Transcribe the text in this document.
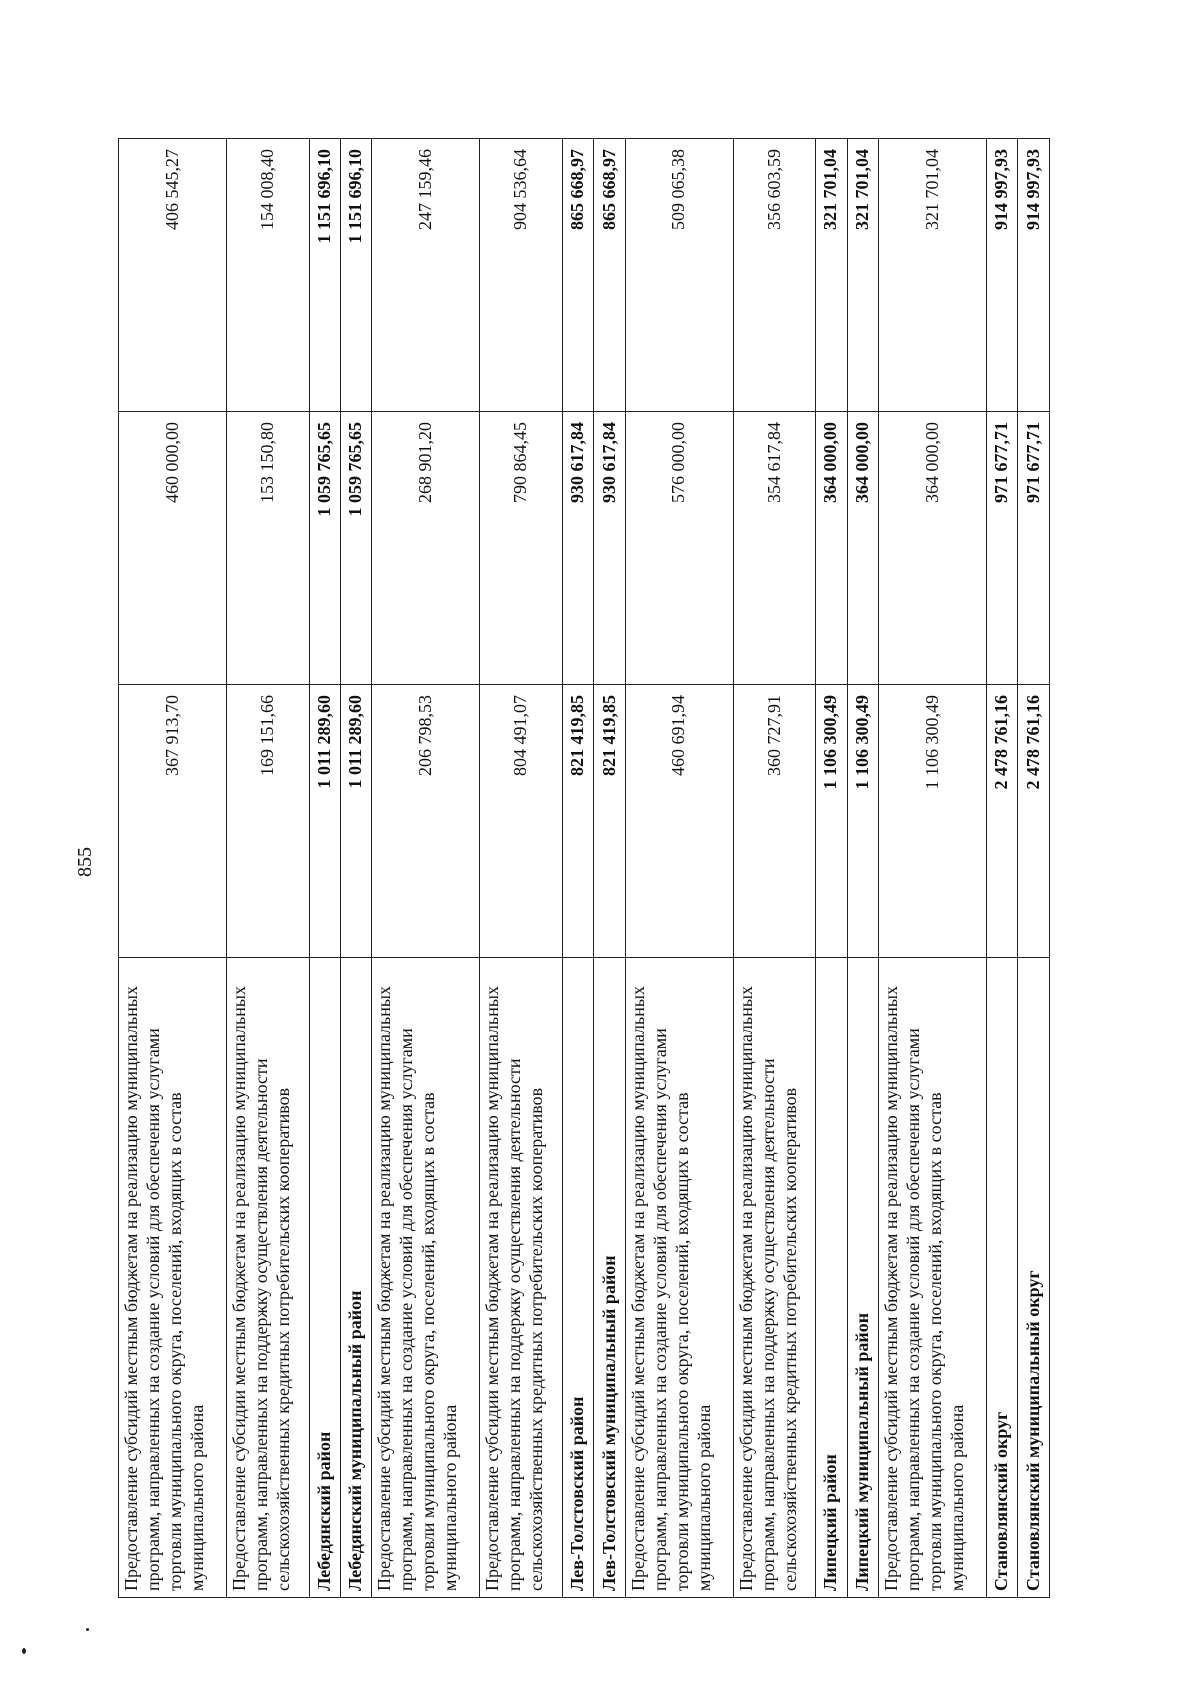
855
Предоставление субсидий местным бюджетам на реализацию муниципальных программ, направленных на создание условий для обеспечения услугами торговли муниципального округа, поселений, входящих в состав муниципального района	367 913,70	460 000,00	406 545,27
Предоставление субсидии местным бюджетам на реализацию муниципальных программ, направленных на поддержку осуществления деятельности сельскохозяйственных кредитных потребительских кооперативов	169 151,66	153 150,80	154 008,40
Лебедянский район	1 011 289,60	1 059 765,65	1 151 696,10
Лебедянский муниципальный район	1 011 289,60	1 059 765,65	1 151 696,10
Предоставление субсидий местным бюджетам на реализацию муниципальных программ, направленных на создание условий для обеспечения услугами торговли муниципального округа, поселений, входящих в состав муниципального района	206 798,53	268 901,20	247 159,46
Предоставление субсидии местным бюджетам на реализацию муниципальных программ, направленных на поддержку осуществления деятельности сельскохозяйственных кредитных потребительских кооперативов	804 491,07	790 864,45	904 536,64
Лев-Толстовский район	821 419,85	930 617,84	865 668,97
Лев-Толстовский муниципальный район	821 419,85	930 617,84	865 668,97
Предоставление субсидий местным бюджетам на реализацию муниципальных программ, направленных на создание условий для обеспечения услугами торговли муниципального округа, поселений, входящих в состав муниципального района	460 691,94	576 000,00	509 065,38
Предоставление субсидии местным бюджетам на реализацию муниципальных программ, направленных на поддержку осуществления деятельности сельскохозяйственных кредитных потребительских кооперативов	360 727,91	354 617,84	356 603,59
Липецкий район	1 106 300,49	364 000,00	321 701,04
Липецкий муниципальный район	1 106 300,49	364 000,00	321 701,04
Предоставление субсидий местным бюджетам на реализацию муниципальных программ, направленных на создание условий для обеспечения услугами торговли муниципального округа, поселений, входящих в состав муниципального района	1 106 300,49	364 000,00	321 701,04
Становлянский округ	2 478 761,16	971 677,71	914 997,93
Становлянский муниципальный округ	2 478 761,16	971 677,71	914 997,93
